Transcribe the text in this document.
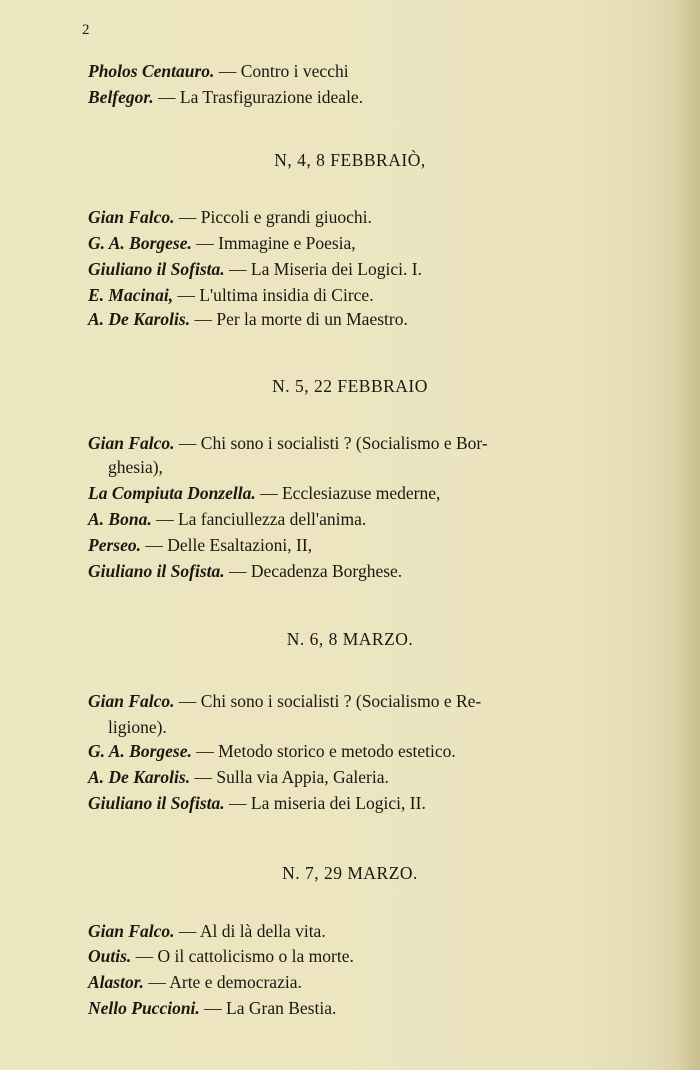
2
Pholos Centauro. — Contro i vecchi
Belfegor. — La Trasfigurazione ideale.
N, 4, 8 FEBBRAIÒ,
Gian Falco. — Piccoli e grandi giuochi.
G. A. Borgese. — Immagine e Poesia,
Giuliano il Sofista. — La Miseria dei Logici. I.
E. Macinai, — L'ultima insidia di Circe.
A. De Karolis. — Per la morte di un Maestro.
N. 5, 22 FEBBRAIO
Gian Falco. — Chi sono i socialisti ? (Socialismo e Bor-
ghesia),
La Compiuta Donzella. — Ecclesiazuse mederne,
A. Bona. — La fanciullezza dell'anima.
Perseo. — Delle Esaltazioni, II,
Giuliano il Sofista. — Decadenza Borghese.
N. 6, 8 MARZO.
Gian Falco. — Chi sono i socialisti ? (Socialismo e Re-
ligione).
G. A. Borgese. — Metodo storico e metodo estetico.
A. De Karolis. — Sulla via Appia, Galeria.
Giuliano il Sofista. — La miseria dei Logici, II.
N. 7, 29 MARZO.
Gian Falco. — Al di là della vita.
Outis. — O il cattolicismo o la morte.
Alastor. — Arte e democrazia.
Nello Puccioni. — La Gran Bestia.
